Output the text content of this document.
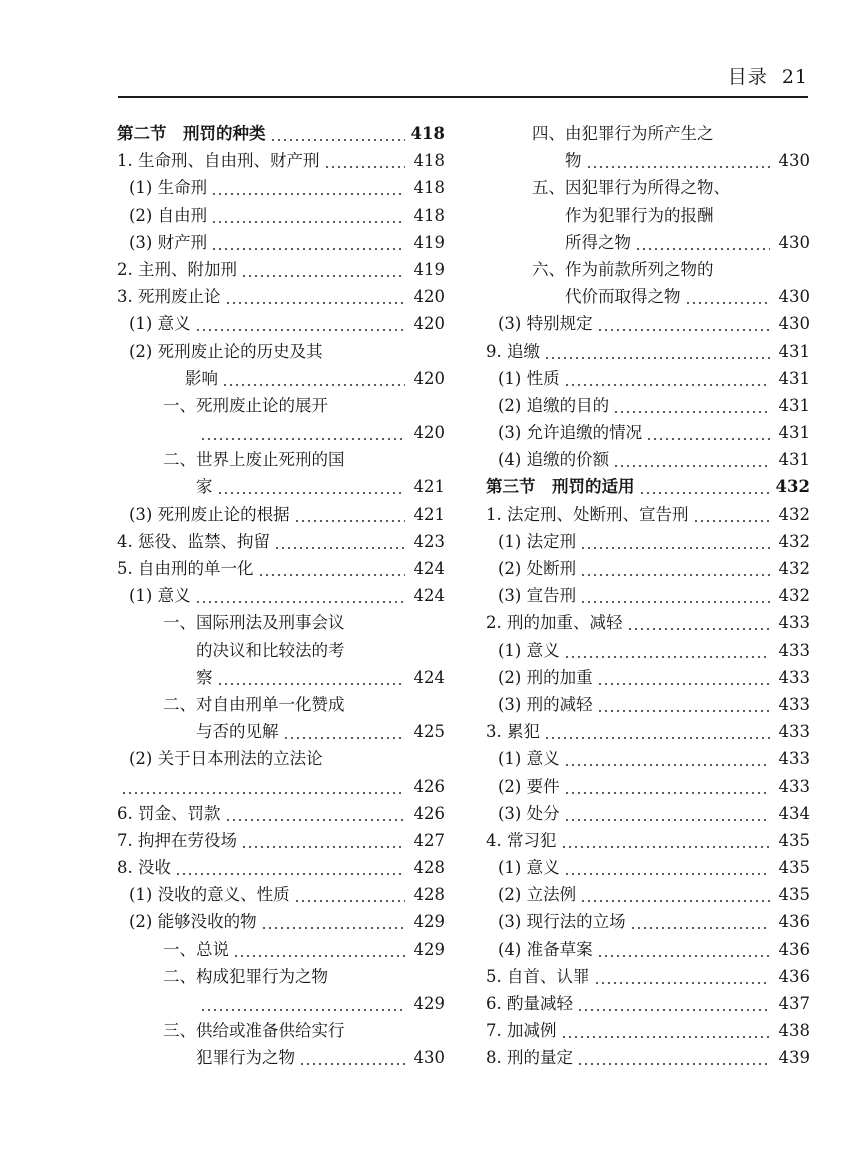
目录 21
第二节　刑罚的种类	418
1. 生命刑、自由刑、财产刑	418
(1) 生命刑	418
(2) 自由刑	418
(3) 财产刑	419
2. 主刑、附加刑	419
3. 死刑废止论	420
(1) 意义	420
(2) 死刑废止论的历史及其
影响	420
一、死刑废止论的展开
420
二、世界上废止死刑的国
家	421
(3) 死刑废止论的根据	421
4. 惩役、监禁、拘留	423
5. 自由刑的单一化	424
(1) 意义	424
一、国际刑法及刑事会议
的决议和比较法的考
察	424
二、对自由刑单一化赞成
与否的见解	425
(2) 关于日本刑法的立法论
426
6. 罚金、罚款	426
7. 拘押在劳役场	427
8. 没收	428
(1) 没收的意义、性质	428
(2) 能够没收的物	429
一、总说	429
二、构成犯罪行为之物
429
三、供给或准备供给实行
犯罪行为之物	430
四、由犯罪行为所产生之
物	430
五、因犯罪行为所得之物、
作为犯罪行为的报酬
所得之物	430
六、作为前款所列之物的
代价而取得之物	430
(3) 特别规定	430
9. 追缴	431
(1) 性质	431
(2) 追缴的目的	431
(3) 允许追缴的情况	431
(4) 追缴的价额	431
第三节　刑罚的适用	432
1. 法定刑、处断刑、宣告刑	432
(1) 法定刑	432
(2) 处断刑	432
(3) 宣告刑	432
2. 刑的加重、减轻	433
(1) 意义	433
(2) 刑的加重	433
(3) 刑的减轻	433
3. 累犯	433
(1) 意义	433
(2) 要件	433
(3) 处分	434
4. 常习犯	435
(1) 意义	435
(2) 立法例	435
(3) 现行法的立场	436
(4) 准备草案	436
5. 自首、认罪	436
6. 酌量减轻	437
7. 加减例	438
8. 刑的量定	439
